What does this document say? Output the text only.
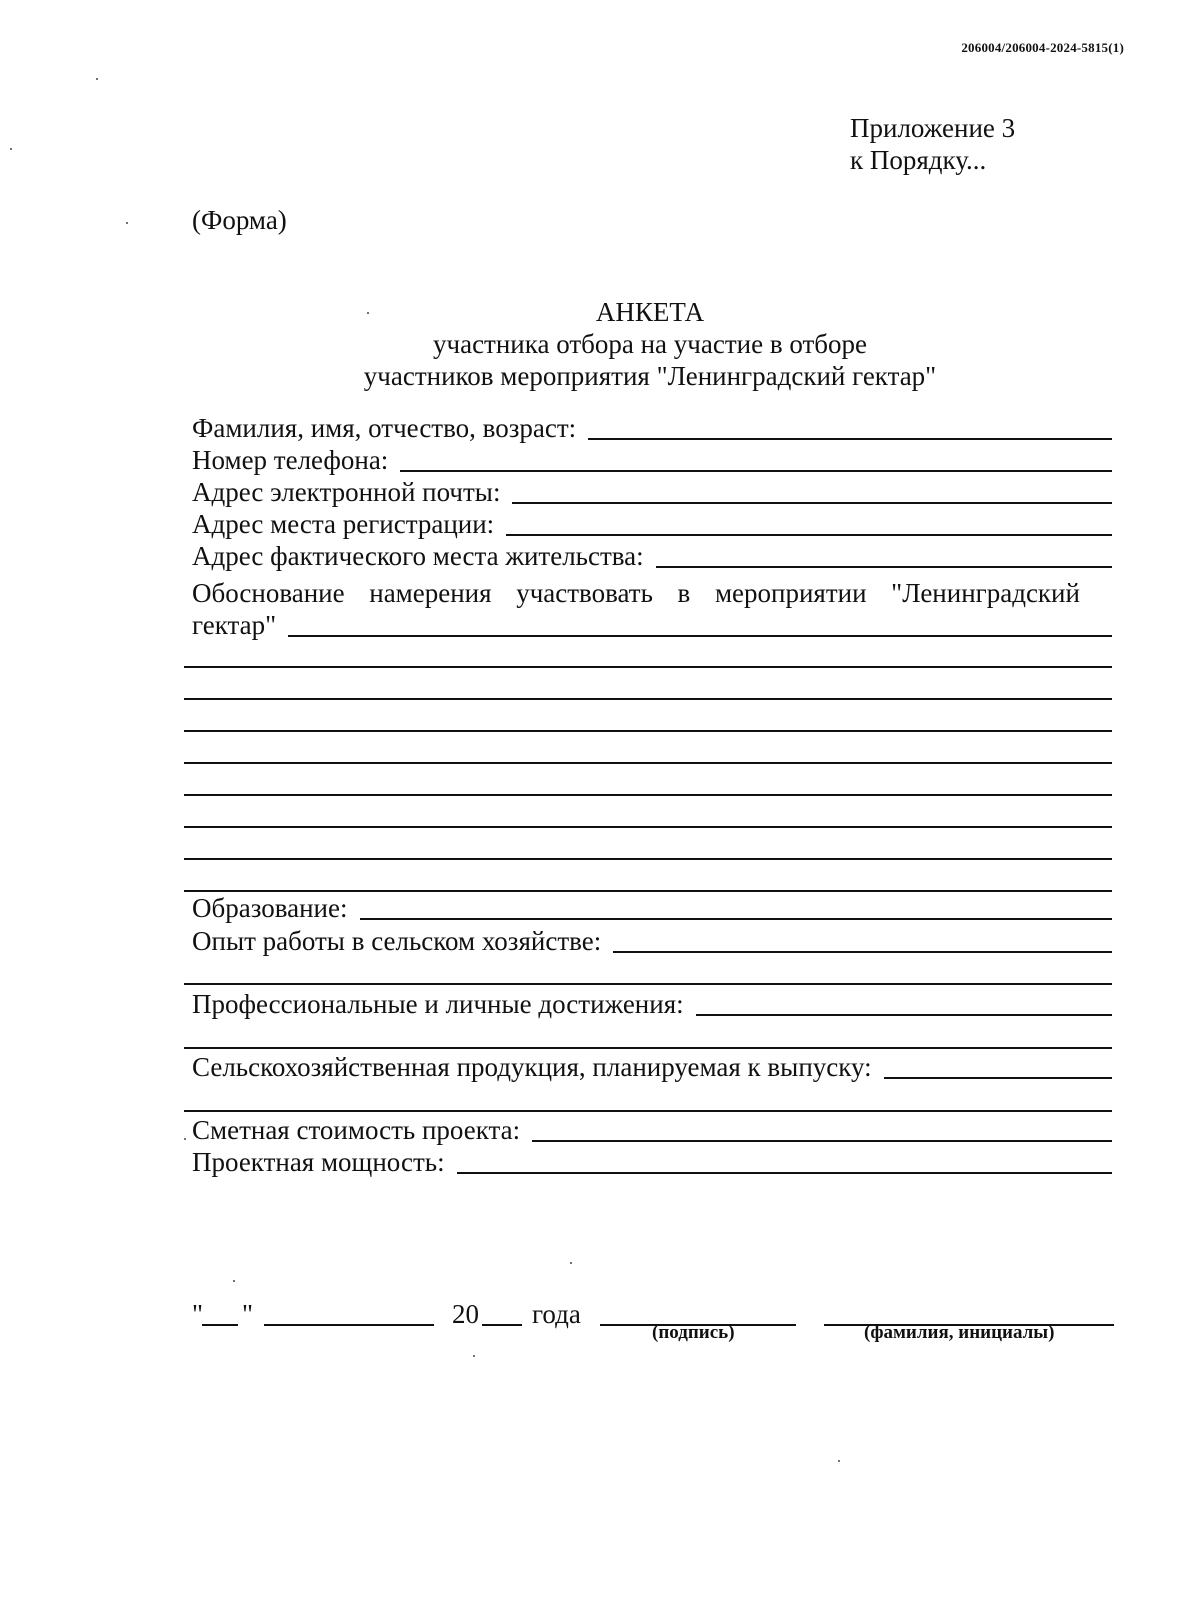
206004/206004-2024-5815(1)
Приложение 3
к Порядку...
(Форма)
АНКЕТА
участника отбора на участие в отборе
участников мероприятия "Ленинградский гектар"
Фамилия, имя, отчество, возраст:
Номер телефона:
Адрес электронной почты:
Адрес места регистрации:
Адрес фактического места жительства:
Обоснование намерения участвовать в мероприятии "Ленинградский
гектар"
Образование:
Опыт работы в сельском хозяйстве:
Профессиональные и личные достижения:
Сельскохозяйственная продукция, планируемая к выпуску:
Сметная стоимость проекта:
Проектная мощность:
" "	20 года
(подпись)	(фамилия, инициалы)
